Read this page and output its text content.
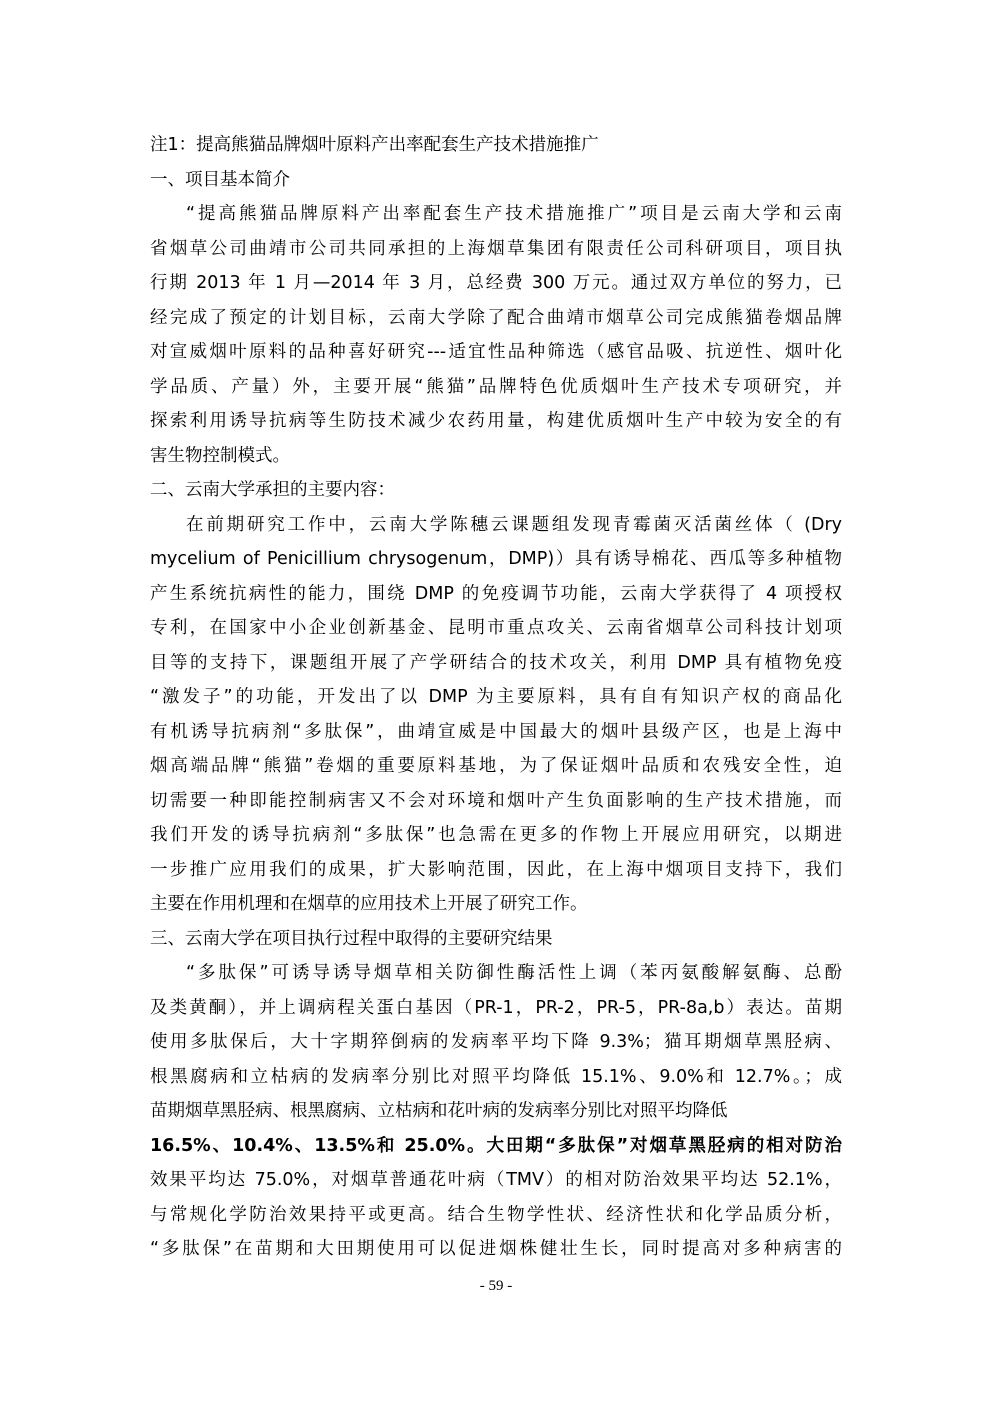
注1：提高熊猫品牌烟叶原料产出率配套生产技术措施推广
一、项目基本简介
“提高熊猫品牌原料产出率配套生产技术措施推广”项目是云南大学和云南
省烟草公司曲靖市公司共同承担的上海烟草集团有限责任公司科研项目，项目执
行期 2013 年 1 月—2014 年 3 月，总经费 300 万元。通过双方单位的努力，已
经完成了预定的计划目标，云南大学除了配合曲靖市烟草公司完成熊猫卷烟品牌
对宣威烟叶原料的品种喜好研究---适宜性品种筛选（感官品吸、抗逆性、烟叶化
学品质、产量）外，主要开展“熊猫”品牌特色优质烟叶生产技术专项研究，并
探索利用诱导抗病等生防技术减少农药用量，构建优质烟叶生产中较为安全的有
害生物控制模式。
二、云南大学承担的主要内容：
在前期研究工作中，云南大学陈穗云课题组发现青霉菌灭活菌丝体（ (Dry
mycelium of Penicillium chrysogenum，DMP)）具有诱导棉花、西瓜等多种植物
产生系统抗病性的能力，围绕 DMP 的免疫调节功能，云南大学获得了 4 项授权
专利，在国家中小企业创新基金、昆明市重点攻关、云南省烟草公司科技计划项
目等的支持下，课题组开展了产学研结合的技术攻关，利用 DMP 具有植物免疫
“激发子”的功能，开发出了以 DMP 为主要原料，具有自有知识产权的商品化
有机诱导抗病剂“多肽保”，曲靖宣威是中国最大的烟叶县级产区，也是上海中
烟高端品牌“熊猫”卷烟的重要原料基地，为了保证烟叶品质和农残安全性，迫
切需要一种即能控制病害又不会对环境和烟叶产生负面影响的生产技术措施，而
我们开发的诱导抗病剂“多肽保”也急需在更多的作物上开展应用研究，以期进
一步推广应用我们的成果，扩大影响范围，因此，在上海中烟项目支持下，我们
主要在作用机理和在烟草的应用技术上开展了研究工作。
三、云南大学在项目执行过程中取得的主要研究结果
“多肽保”可诱导诱导烟草相关防御性酶活性上调（苯丙氨酸解氨酶、总酚
及类黄酮），并上调病程关蛋白基因（PR-1，PR-2，PR-5，PR-8a,b）表达。苗期
使用多肽保后，大十字期猝倒病的发病率平均下降 9.3%；猫耳期烟草黑胫病、
根黑腐病和立枯病的发病率分别比对照平均降低 15.1%、9.0%和 12.7%。；成
苗期烟草黑胫病、根黑腐病、立枯病和花叶病的发病率分别比对照平均降低
16.5%、10.4%、13.5%和 25.0%。大田期“多肽保”对烟草黑胫病的相对防治
效果平均达 75.0%，对烟草普通花叶病（TMV）的相对防治效果平均达 52.1%，
与常规化学防治效果持平或更高。结合生物学性状、经济性状和化学品质分析，
“多肽保”在苗期和大田期使用可以促进烟株健壮生长，同时提高对多种病害的
- 59 -
